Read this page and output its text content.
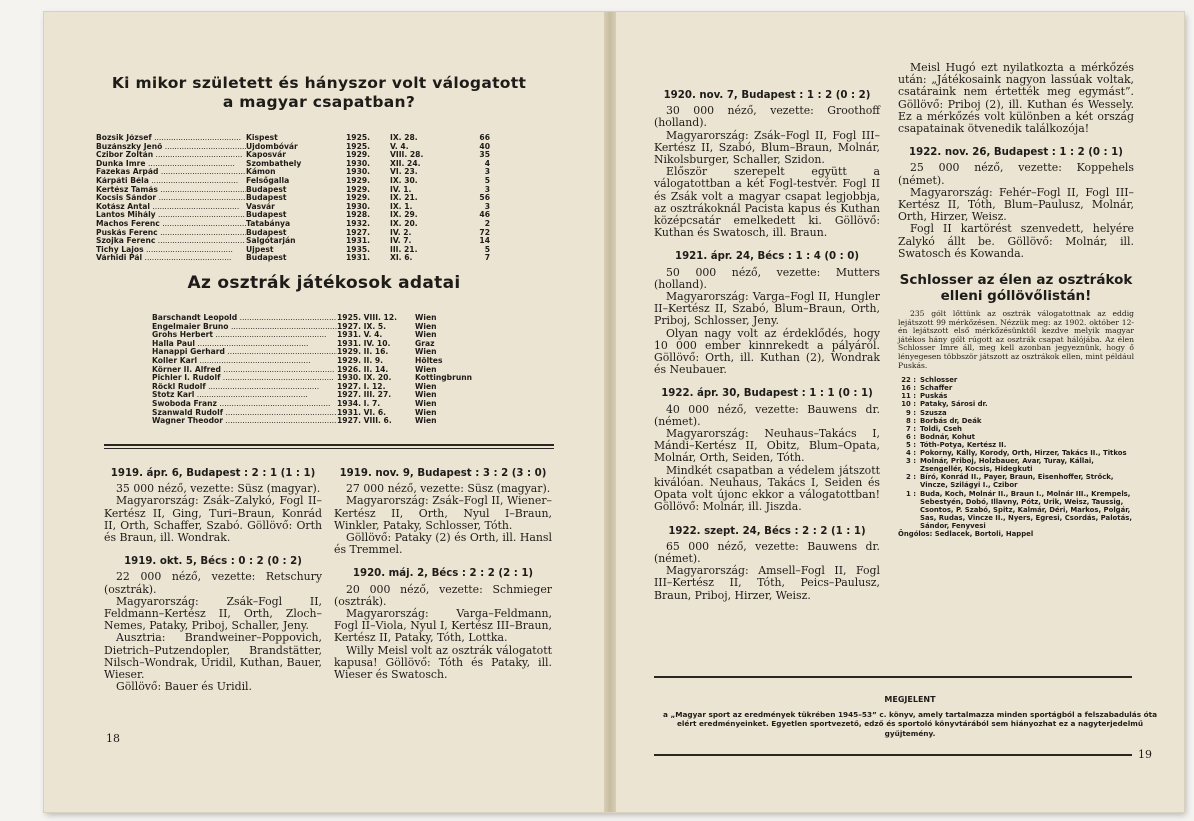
Ki mikor született és hányszor volt válogatott a magyar csapatban?
Bozsik József .....	Kispest	1925.	IX. 28.	66
Buzánszky Jenő .....	Ujdombóvár	1925.	V. 4.	40
Czibor Zoltán .....	Kaposvár	1929.	VIII. 28.	35
Dunka Imre .....	Szombathely	1930.	XII. 24.	4
Fazekas Árpád .....	Kámon	1930.	VI. 23.	3
Kárpáti Béla .....	Felsőgalla	1929.	IX. 30.	5
Kertész Tamás .....	Budapest	1929.	IV. 1.	3
Kocsis Sándor .....	Budapest	1929.	IX. 21.	56
Kotász Antal .....	Vasvár	1930.	IX. 1.	3
Lantos Mihály .....	Budapest	1928.	IX. 29.	46
Machos Ferenc .....	Tatabánya	1932.	IX. 20.	2
Puskás Ferenc .....	Budapest	1927.	IV. 2.	72
Szojka Ferenc .....	Salgótarján	1931.	IV. 7.	14
Tichy Lajos .....	Ujpest	1935.	III. 21.	5
Várhidi Pál .....	Budapest	1931.	XI. 6.	7
Az osztrák játékosok adatai
Barschandt Leopold .....	1925. VIII. 12.	Wien
Engelmaier Bruno .....	1927. IX. 5.	Wien
Grohs Herbert .....	1931. V. 4.	Wien
Halla Paul .....	1931. IV. 10.	Graz
Hanappi Gerhard .....	1929. II. 16.	Wien
Koller Karl .....	1929. II. 9.	Höltes
Körner II. Alfred .....	1926. II. 14.	Wien
Pichler I. Rudolf .....	1930. IX. 20.	Kottingbrunn
Röckl Rudolf .....	1927. I. 12.	Wien
Stotz Karl .....	1927. III. 27.	Wien
Swoboda Franz .....	1934. I. 7.	Wien
Szanwald Rudolf .....	1931. VI. 6.	Wien
Wagner Theodor .....	1927. VIII. 6.	Wien
1919. ápr. 6, Budapest : 2 : 1 (1 : 1)

35 000 néző, vezette: Süsz (magyar).

Magyarország: Zsák–Zalykó, Fogl II–Kertész II, Ging, Turi–Braun, Konrád II, Orth, Schaffer, Szabó. Göllövő: Orth és Braun, ill. Wondrak.

1919. okt. 5, Bécs : 0 : 2 (0 : 2)

22 000 néző, vezette: Retschury (osztrák).

Magyarország: Zsák–Fogl II, Feldmann–Kertész II, Orth, Zloch–Nemes, Pataky, Priboj, Schaller, Jeny.

Ausztria: Brandweiner–Poppovich, Dietrich–Putzendopler, Brandstätter, Nilsch–Wondrak, Uridil, Kuthan, Bauer, Wieser.

Göllövő: Bauer és Uridil.

1919. nov. 9, Budapest : 3 : 2 (3 : 0)

27 000 néző, vezette: Süsz (magyar).

Magyarország: Zsák–Fogl II, Wiener–Kertész II, Orth, Nyul I–Braun, Winkler, Pataky, Schlosser, Tóth.

Göllövő: Pataky (2) és Orth, ill. Hansl és Tremmel.

1920. máj. 2, Bécs : 2 : 2 (2 : 1)

20 000 néző, vezette: Schmieger (osztrák).

Magyarország: Varga–Feldmann, Fogl II–Viola, Nyul I, Kertész III–Braun, Kertész II, Pataky, Tóth, Lottka.

Willy Meisl volt az osztrák válogatott kapusa! Göllövő: Tóth és Pataky, ill. Wieser és Swatosch.

18
1920. nov. 7, Budapest : 1 : 2 (0 : 2)

30 000 néző, vezette: Groothoff (holland).

Magyarország: Zsák–Fogl II, Fogl III–Kertész II, Szabó, Blum–Braun, Molnár, Nikolsburger, Schaller, Szidon.

Először szerepelt együtt a válogatottban a két Fogl-testvér. Fogl II és Zsák volt a magyar csapat legjobbja, az osztrákoknál Pacista kapus és Kuthan középcsatár emelkedett ki. Göllövő: Kuthan és Swatosch, ill. Braun.

1921. ápr. 24, Bécs : 1 : 4 (0 : 0)

50 000 néző, vezette: Mutters (holland).

Magyarország: Varga–Fogl II, Hungler II–Kertész II, Szabó, Blum–Braun, Orth, Priboj, Schlosser, Jeny.

Olyan nagy volt az érdeklődés, hogy 10 000 ember kinnrekedt a pályáról. Göllövő: Orth, ill. Kuthan (2), Wondrak és Neubauer.

1922. ápr. 30, Budapest : 1 : 1 (0 : 1)

40 000 néző, vezette: Bauwens dr. (német).

Magyarország: Neuhaus–Takács I, Mándi–Kertész II, Obitz, Blum–Opata, Molnár, Orth, Seiden, Tóth.

Mindkét csapatban a védelem játszott kiválóan. Neuhaus, Takács I, Seiden és Opata volt újonc ekkor a válogatottban! Göllövő: Molnár, ill. Jiszda.

1922. szept. 24, Bécs : 2 : 2 (1 : 1)

65 000 néző, vezette: Bauwens dr. (német).

Magyarország: Amsell–Fogl II, Fogl III–Kertész II, Tóth, Peics–Paulusz, Braun, Priboj, Hirzer, Weisz.

Meisl Hugó ezt nyilatkozta a mérkőzés után: „Játékosaink nagyon lassúak voltak, csatáraink nem értették meg egymást”. Göllövő: Priboj (2), ill. Kuthan és Wessely. Ez a mérkőzés volt különben a két ország csapatainak ötvenedik találkozója!

1922. nov. 26, Budapest : 1 : 2 (0 : 1)

25 000 néző, vezette: Koppehels (német).

Magyarország: Fehér–Fogl II, Fogl III–Kertész II, Tóth, Blum–Paulusz, Molnár, Orth, Hirzer, Weisz.

Fogl II kartörést szenvedett, helyére Zalykó állt be. Göllövő: Molnár, ill. Swatosch és Kowanda.

Schlosser az élen az osztrákok elleni góllövőlistán!

235 gólt lőttünk az osztrák válogatottnak az eddig lejátszott 99 mérkőzésen. Nézzük meg: az 1902. október 12-én lejátszott első mérkőzésünktől kezdve melyik magyar játékos hány gólt rúgott az osztrák csapat hálójába. Az élen Schlosser Imre áll, meg kell azonban jegyeznünk, hogy ő lényegesen többször játszott az osztrákok ellen, mint például Puskás.

22 : Schlosser
16 : Schaffer
11 : Puskás
10 : Pataky, Sárosi dr.
9 : Szusza
8 : Borbás dr, Deák
7 : Toldi, Cseh
6 : Bodnár, Kohut
5 : Tóth-Potya, Kertész II.
4 : Pokorny, Kálly, Korody, Orth, Hirzer, Takács II., Titkos
3 : Molnár, Priboj, Holzbauer, Avar, Turay, Kállai, Zsengellér, Kocsis, Hidegkuti
2 : Bíró, Konrád II., Payer, Braun, Eisenhoffer, Strőck, Vincze, Szilágyi I., Czibor
1 : Buda, Koch, Molnár II., Braun I., Molnár III., Krempels, Sebestyén, Dobó, Illavny, Pótz, Urik, Weisz, Taussig, Csontos, P. Szabó, Spitz, Kalmár, Déri, Markos, Polgár, Sas, Rudas, Vincze II., Nyers, Egresi, Csordás, Palotás, Sándor, Fenyvesi
Öngólos: Sedlacek, Bortoli, Happel
MEGJELENT
a „Magyar sport az eredmények tükrében 1945–53” c. könyv, amely tartalmazza minden sportágból a felszabadulás óta elért eredményeinket. Egyetlen sportvezető, edző és sportoló könyvtárából sem hiányozhat ez a nagyterjedelmű gyűjtemény.
19
